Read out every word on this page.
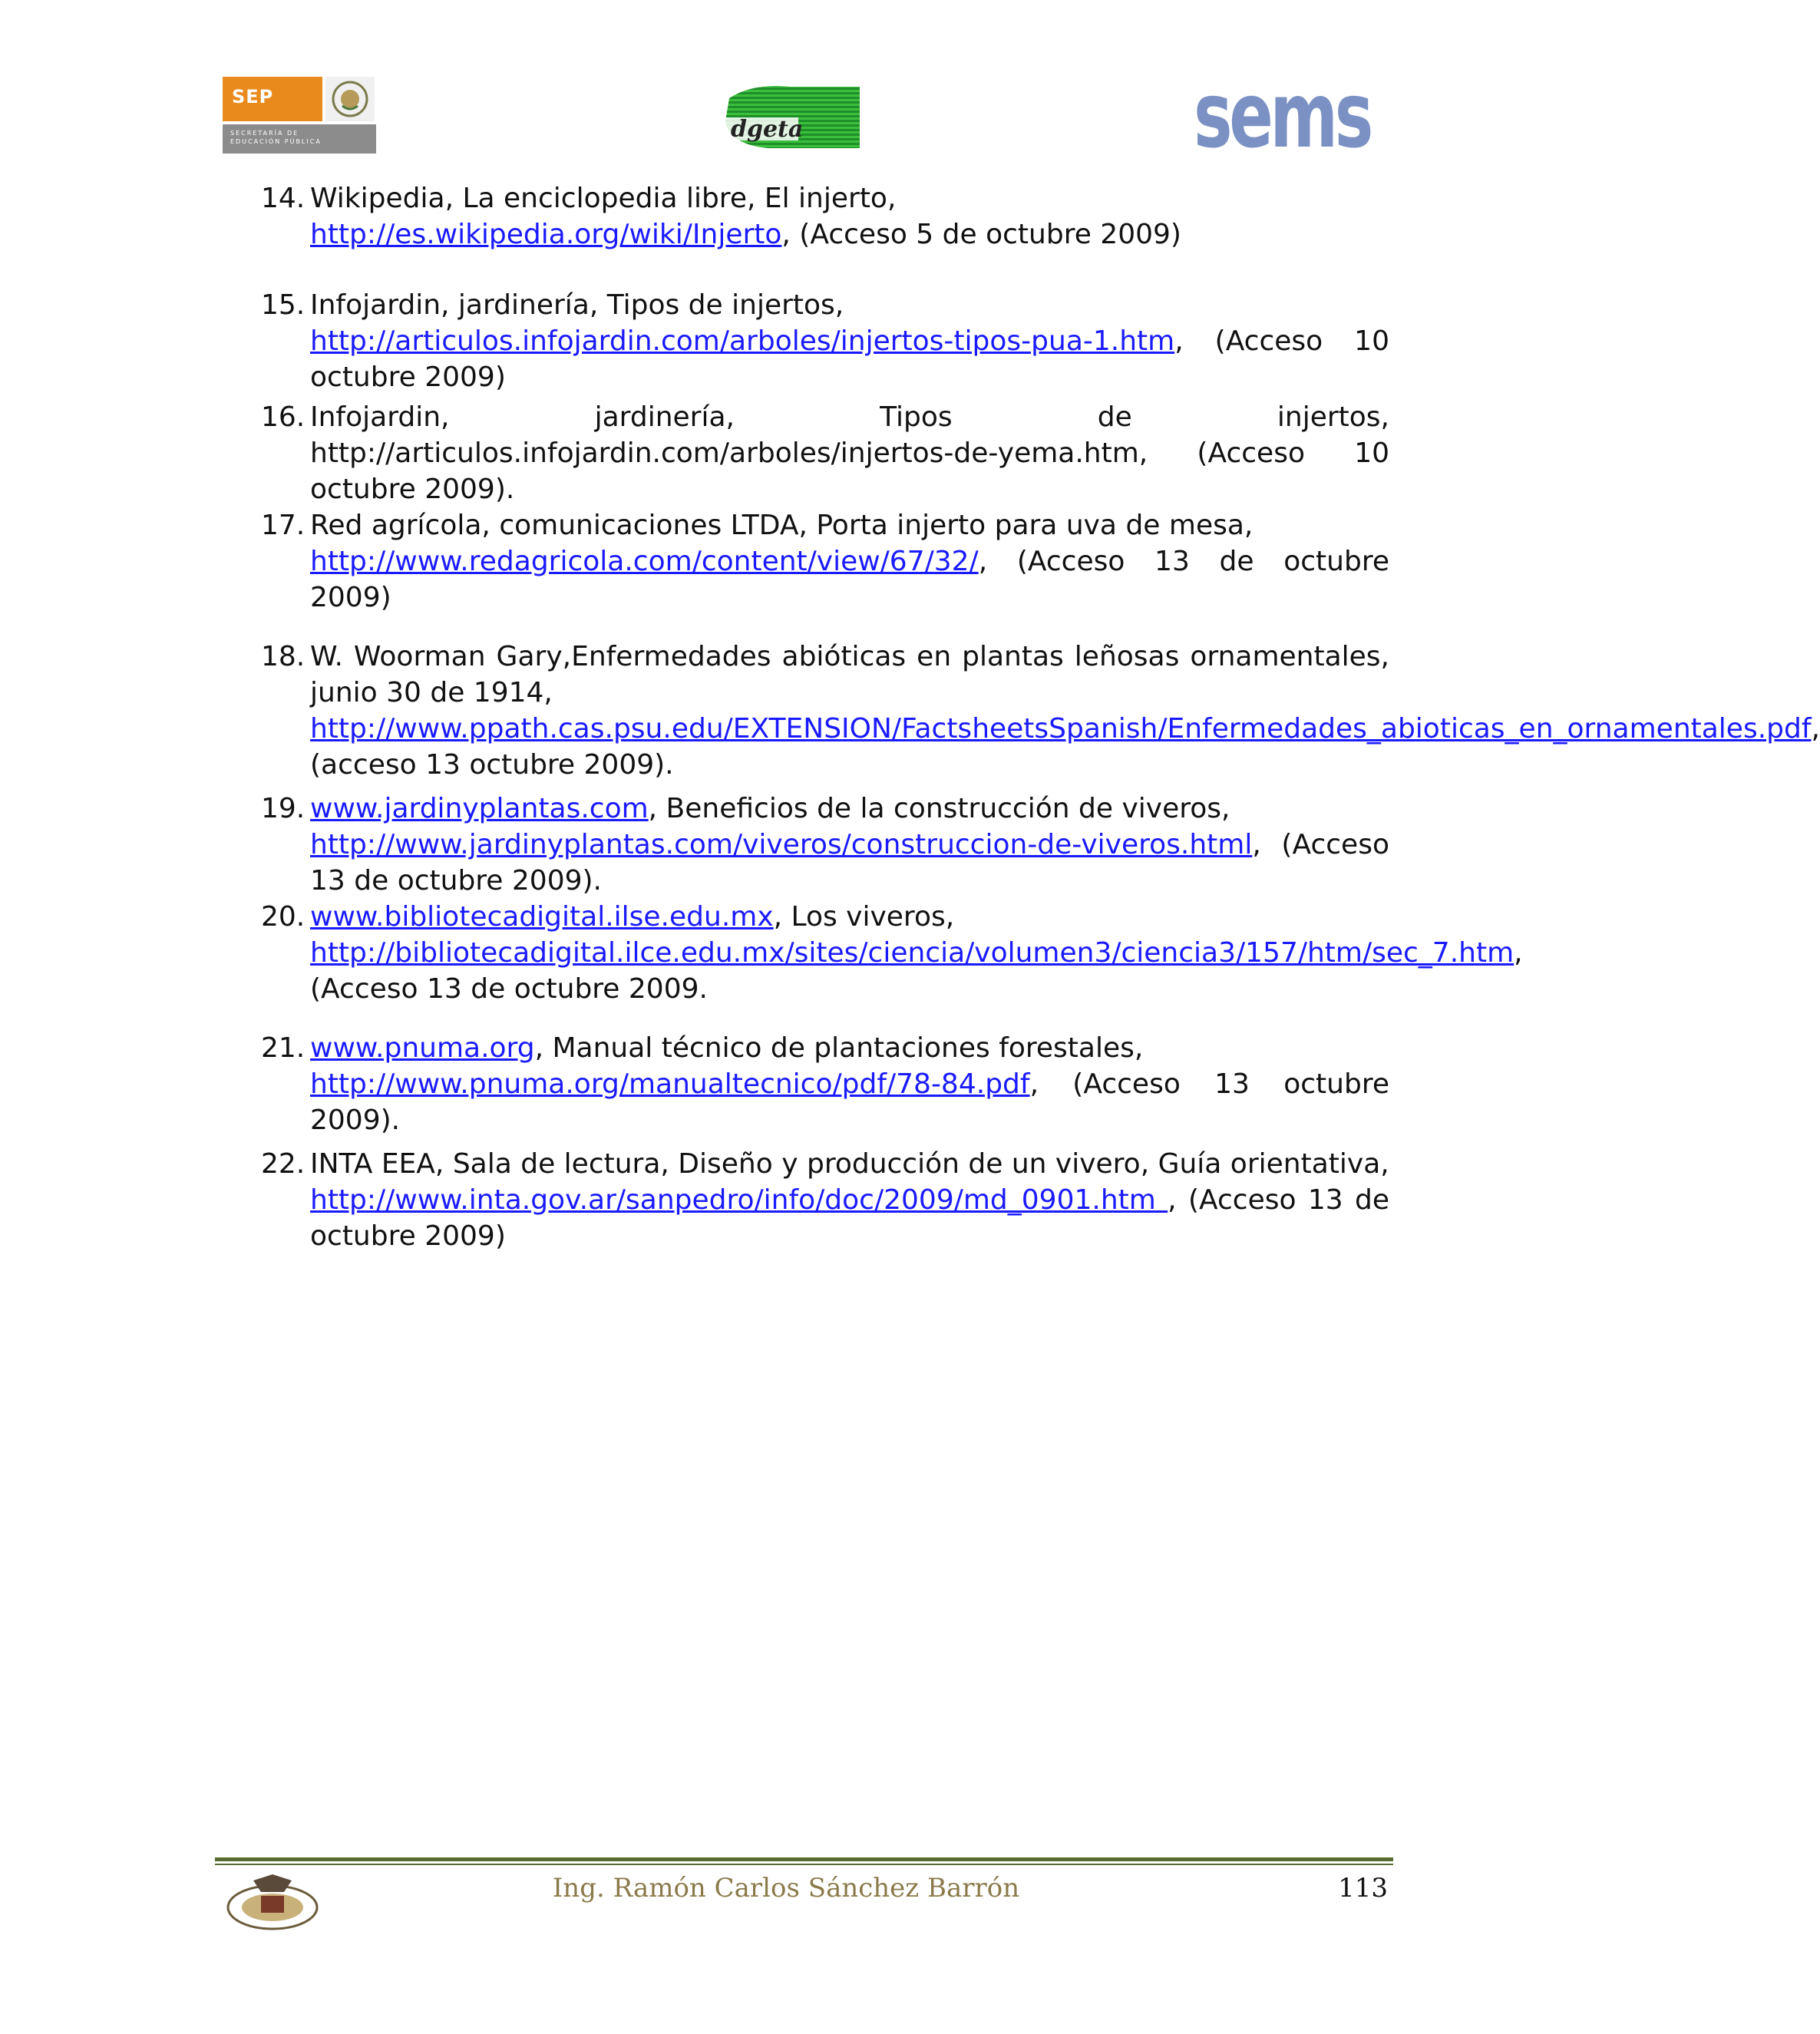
SEP
SECRETARÍA DE
EDUCACIÓN PÚBLICA	dgeta	sems
14. Wikipedia, La enciclopedia libre, El injerto,
http://es.wikipedia.org/wiki/Injerto, (Acceso 5 de octubre 2009)
15. Infojardin, jardinería, Tipos de injertos,
http://articulos.infojardin.com/arboles/injertos-tipos-pua-1.htm, (Acceso 10 octubre 2009)
16. Infojardin, jardinería, Tipos de injertos, http://articulos.infojardin.com/arboles/injertos-de-yema.htm, (Acceso 10 octubre 2009).
17. Red agrícola, comunicaciones LTDA, Porta injerto para uva de mesa,
http://www.redagricola.com/content/view/67/32/, (Acceso 13 de octubre 2009)
18. W. Woorman Gary,Enfermedades abióticas en plantas leñosas ornamentales, junio 30 de 1914,
http://www.ppath.cas.psu.edu/EXTENSION/FactsheetsSpanish/Enfermedades_abioticas_en_ornamentales.pdf, (acceso 13 octubre 2009).
19. www.jardinyplantas.com, Beneficios de la construcción de viveros,
http://www.jardinyplantas.com/viveros/construccion-de-viveros.html, (Acceso 13 de octubre 2009).
20. www.bibliotecadigital.ilse.edu.mx, Los viveros,
http://bibliotecadigital.ilce.edu.mx/sites/ciencia/volumen3/ciencia3/157/htm/sec_7.htm, (Acceso 13 de octubre 2009.
21. www.pnuma.org, Manual técnico de plantaciones forestales,
http://www.pnuma.org/manualtecnico/pdf/78-84.pdf, (Acceso 13 octubre 2009).
22. INTA EEA, Sala de lectura, Diseño y producción de un vivero, Guía orientativa,
http://www.inta.gov.ar/sanpedro/info/doc/2009/md_0901.htm , (Acceso 13 de octubre 2009)
Ing. Ramón Carlos Sánchez Barrón	113
